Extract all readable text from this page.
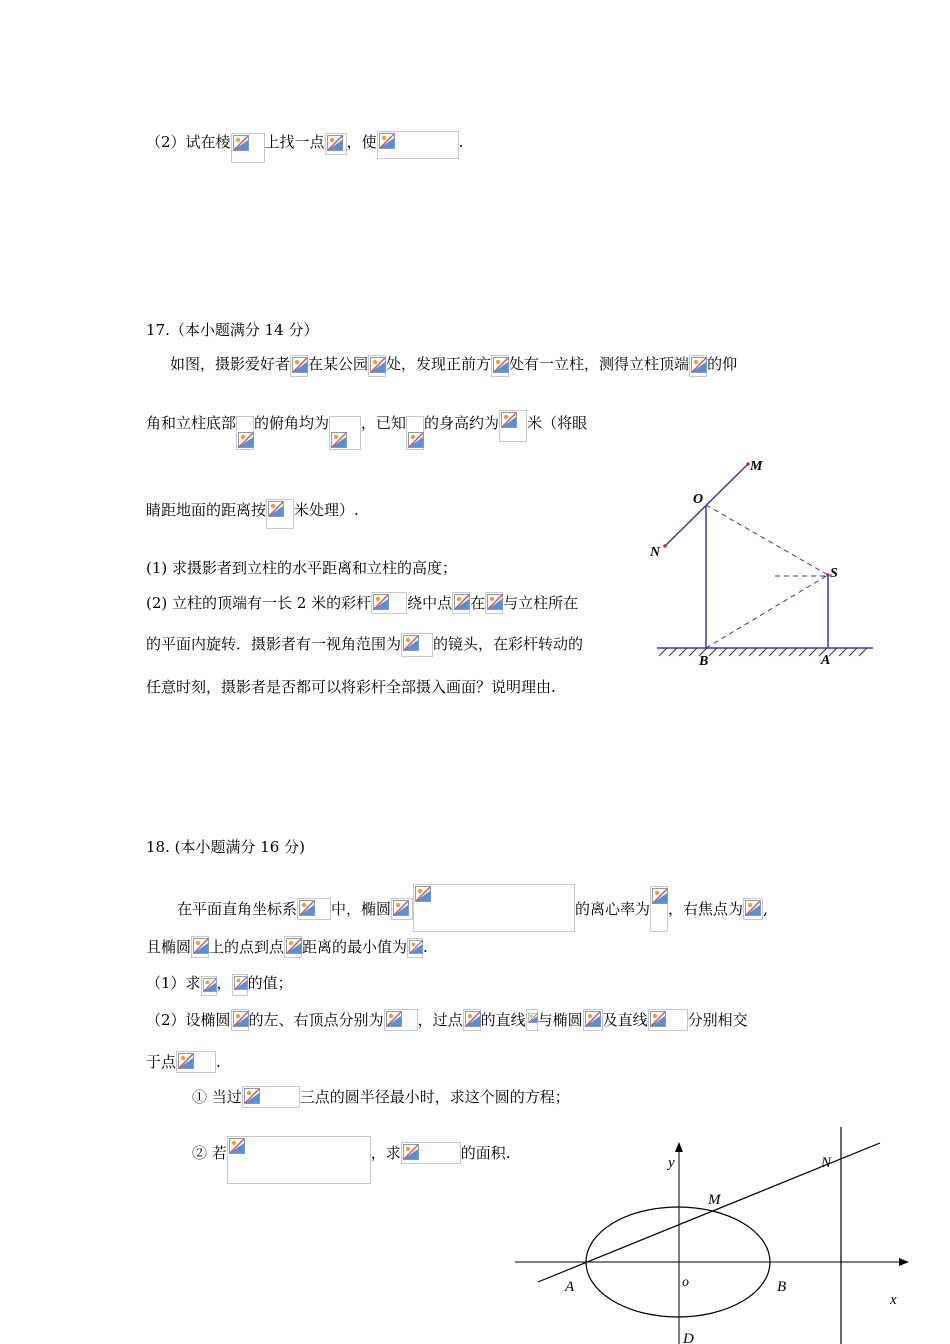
（2）试在棱 上找一点 ，使	.
17.（本小题满分 14 分）
如图，摄影爱好者 在某公园 处，发现正前方 处有一立柱，测得立柱顶端 的仰
角和立柱底部 的俯角均为 ，已知 的身高约为 米（将眼
睛距地面的距离按 米处理）.
(1) 求摄影者到立柱的水平距离和立柱的高度；
(2) 立柱的顶端有一长 2 米的彩杆 绕中点 在 与立柱所在
的平面内旋转．摄影者有一视角范围为 的镜头，在彩杆转动的
任意时刻，摄影者是否都可以将彩杆全部摄入画面？说明理由.
M
O
N
S
B	A
18. (本小题满分 16 分)
在平面直角坐标系 中，椭圆	的离心率为 ，右焦点为 ,
且椭圆 上的点到点 距离的最小值为 .
（1）求 ， 的值；
（2）设椭圆 的左、右顶点分别为 ，过点 的直线 与椭圆 及直线	分别相交
于点	.
① 当过	三点的圆半径最小时，求这个圆的方程；
② 若	，求	的面积.
y	N
M
A	o	B
x
D
